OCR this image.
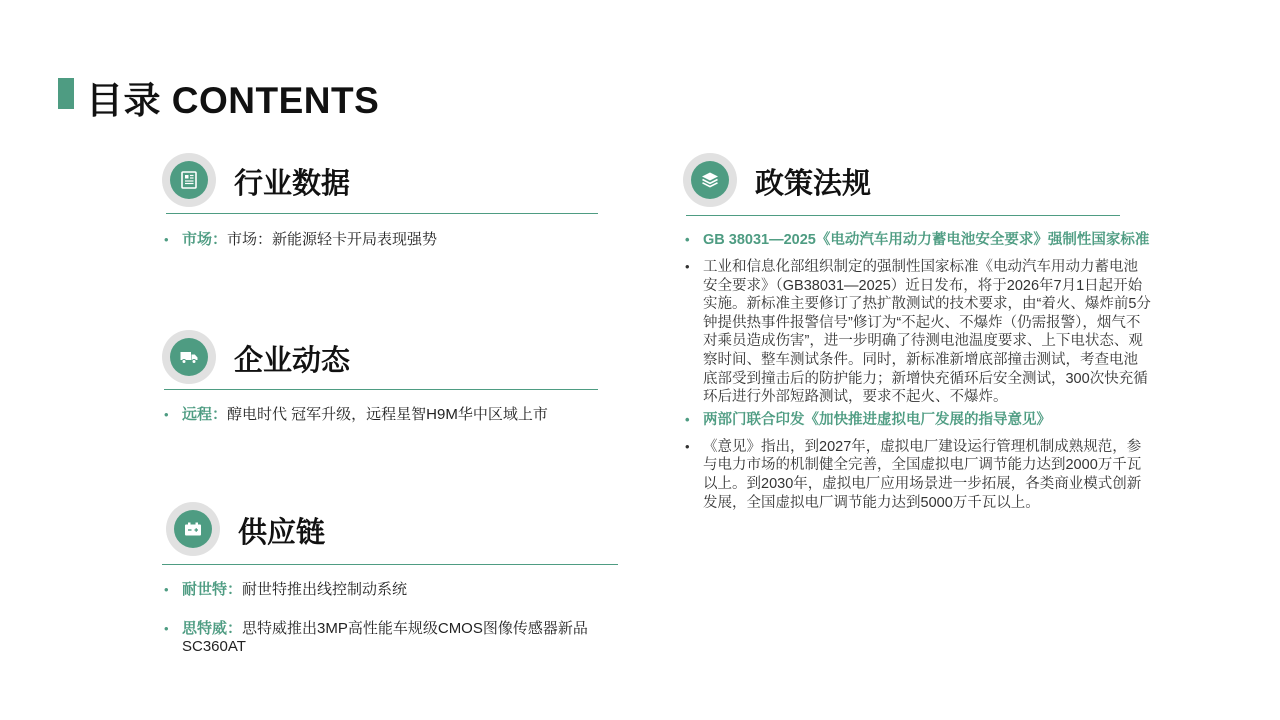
目录 CONTENTS
行业数据
• 市场：市场：新能源轻卡开局表现强势
企业动态
• 远程：醇电时代 冠军升级，远程星智H9M华中区域上市
供应链
• 耐世特：耐世特推出线控制动系统
• 思特威：思特威推出3MP高性能车规级CMOS图像传感器新品SC360AT
政策法规
• GB 38031—2025《电动汽车用动力蓄电池安全要求》强制性国家标准
• 工业和信息化部组织制定的强制性国家标准《电动汽车用动力蓄电池安全要求》（GB38031—2025）近日发布，将于2026年7月1日起开始实施。新标准主要修订了热扩散测试的技术要求，由“着火、爆炸前5分钟提供热事件报警信号”修订为“不起火、不爆炸（仍需报警），烟气不对乘员造成伤害”，进一步明确了待测电池温度要求、上下电状态、观察时间、整车测试条件。同时，新标准新增底部撞击测试，考查电池底部受到撞击后的防护能力；新增快充循环后安全测试，300次快充循环后进行外部短路测试，要求不起火、不爆炸。
• 两部门联合印发《加快推进虚拟电厂发展的指导意见》
• 《意见》指出，到2027年，虚拟电厂建设运行管理机制成熟规范，参与电力市场的机制健全完善，全国虚拟电厂调节能力达到2000万千瓦以上。到2030年，虚拟电厂应用场景进一步拓展，各类商业模式创新发展，全国虚拟电厂调节能力达到5000万千瓦以上。
